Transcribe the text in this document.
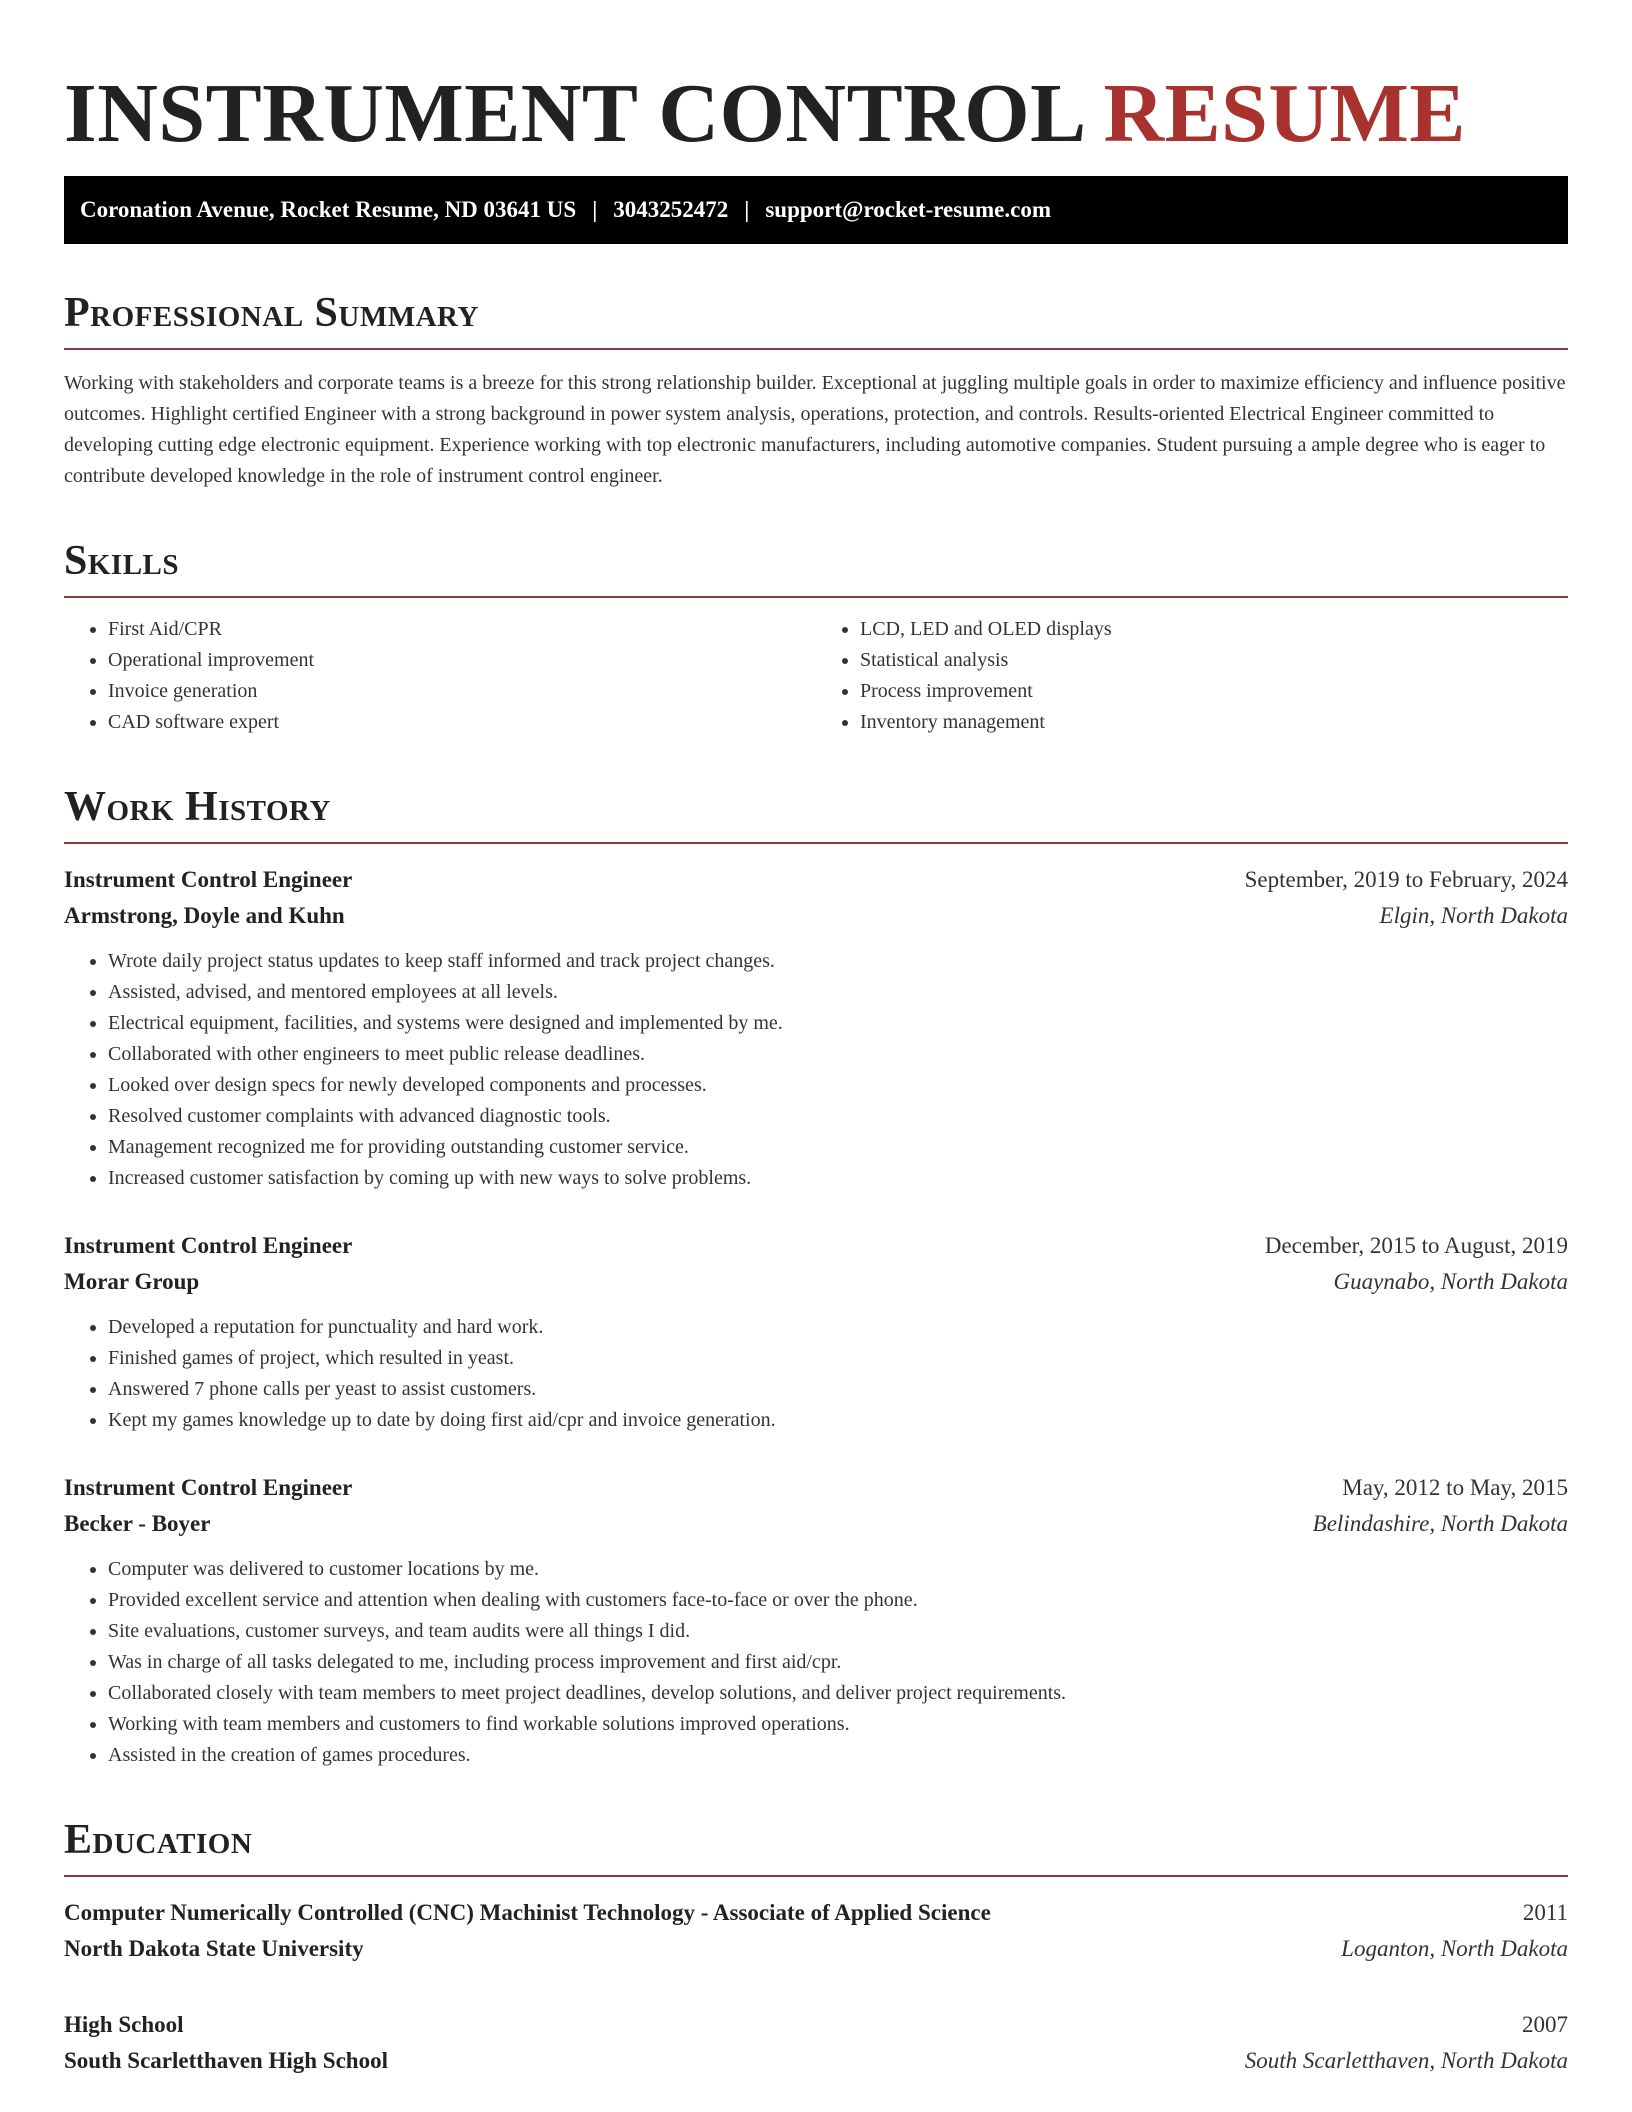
INSTRUMENT CONTROL RESUME
Coronation Avenue, Rocket Resume, ND 03641 US | 3043252472 | support@rocket-resume.com
Professional Summary

Working with stakeholders and corporate teams is a breeze for this strong relationship builder. Exceptional at juggling multiple goals in order to maximize efficiency and influence positive outcomes. Highlight certified Engineer with a strong background in power system analysis, operations, protection, and controls. Results-oriented Electrical Engineer committed to developing cutting edge electronic equipment. Experience working with top electronic manufacturers, including automotive companies. Student pursuing a ample degree who is eager to contribute developed knowledge in the role of instrument control engineer.

Skills
• First Aid/CPR
• Operational improvement
• Invoice generation
• CAD software expert
• LCD, LED and OLED displays
• Statistical analysis
• Process improvement
• Inventory management
Work History
Instrument Control Engineer	September, 2019 to February, 2024
Armstrong, Doyle and Kuhn	Elgin, North Dakota
• Wrote daily project status updates to keep staff informed and track project changes.
• Assisted, advised, and mentored employees at all levels.
• Electrical equipment, facilities, and systems were designed and implemented by me.
• Collaborated with other engineers to meet public release deadlines.
• Looked over design specs for newly developed components and processes.
• Resolved customer complaints with advanced diagnostic tools.
• Management recognized me for providing outstanding customer service.
• Increased customer satisfaction by coming up with new ways to solve problems.
Instrument Control Engineer	December, 2015 to August, 2019
Morar Group	Guaynabo, North Dakota
• Developed a reputation for punctuality and hard work.
• Finished games of project, which resulted in yeast.
• Answered 7 phone calls per yeast to assist customers.
• Kept my games knowledge up to date by doing first aid/cpr and invoice generation.
Instrument Control Engineer	May, 2012 to May, 2015
Becker - Boyer	Belindashire, North Dakota
• Computer was delivered to customer locations by me.
• Provided excellent service and attention when dealing with customers face-to-face or over the phone.
• Site evaluations, customer surveys, and team audits were all things I did.
• Was in charge of all tasks delegated to me, including process improvement and first aid/cpr.
• Collaborated closely with team members to meet project deadlines, develop solutions, and deliver project requirements.
• Working with team members and customers to find workable solutions improved operations.
• Assisted in the creation of games procedures.
Education
Computer Numerically Controlled (CNC) Machinist Technology - Associate of Applied Science	2011
North Dakota State University	Loganton, North Dakota
High School	2007
South Scarletthaven High School	South Scarletthaven, North Dakota
